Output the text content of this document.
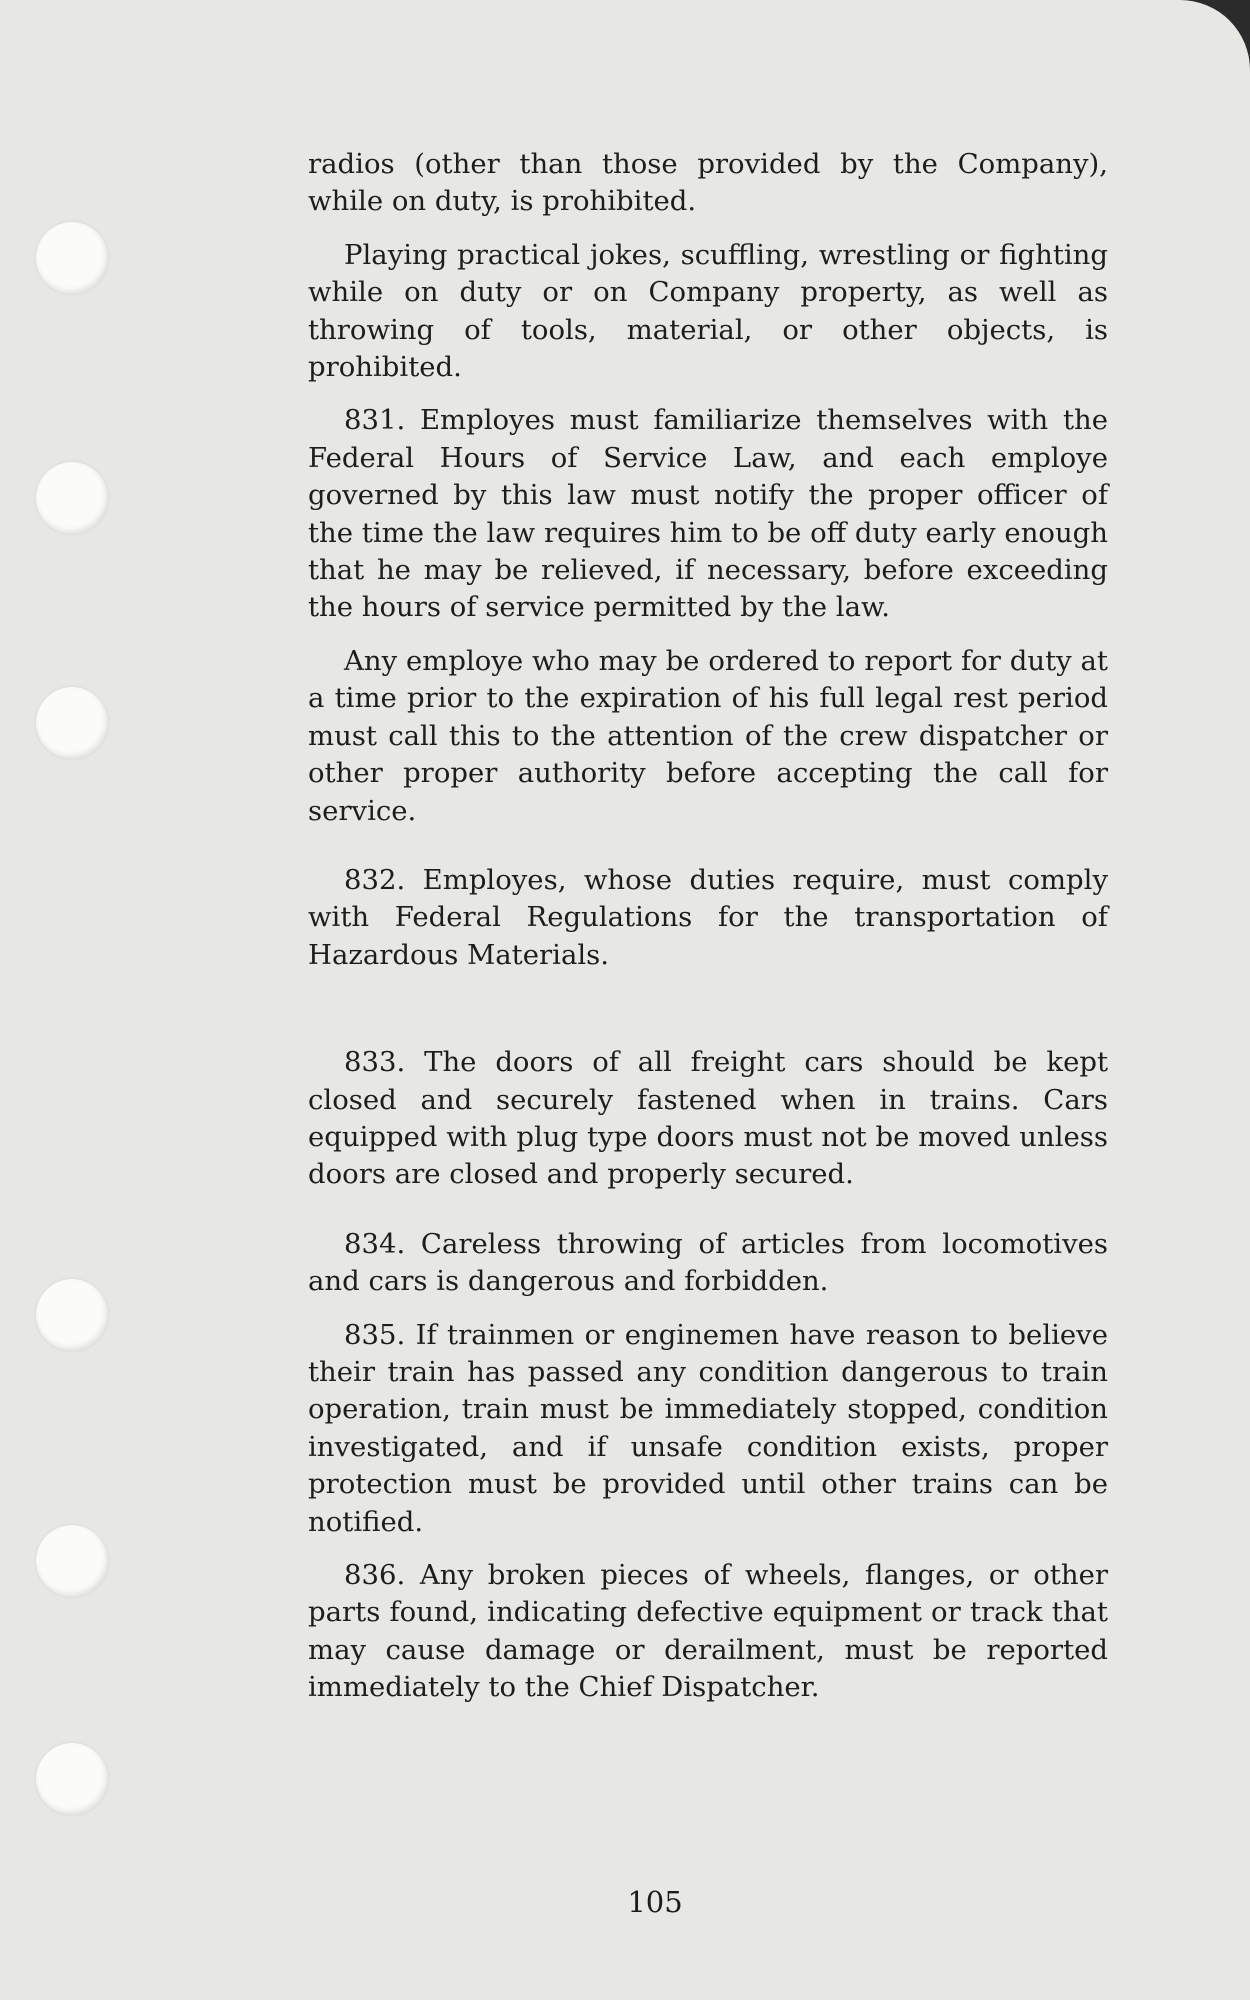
radios (other than those provided by the Company), while on duty, is prohibited.

Playing practical jokes, scuffling, wrestling or fighting while on duty or on Company property, as well as throwing of tools, material, or other objects, is prohibited.

831. Employes must familiarize themselves with the Federal Hours of Service Law, and each employe governed by this law must notify the proper officer of the time the law requires him to be off duty early enough that he may be relieved, if necessary, before exceeding the hours of service permitted by the law.

Any employe who may be ordered to report for duty at a time prior to the expiration of his full legal rest period must call this to the attention of the crew dispatcher or other proper authority before accepting the call for service.

832. Employes, whose duties require, must comply with Federal Regulations for the transportation of Hazardous Materials.

833. The doors of all freight cars should be kept closed and securely fastened when in trains. Cars equipped with plug type doors must not be moved unless doors are closed and properly secured.

834. Careless throwing of articles from locomotives and cars is dangerous and forbidden.

835. If trainmen or enginemen have reason to believe their train has passed any condition dangerous to train operation, train must be immediately stopped, condition investigated, and if unsafe condition exists, proper protection must be provided until other trains can be notified.

836. Any broken pieces of wheels, flanges, or other parts found, indicating defective equipment or track that may cause damage or derailment, must be reported immediately to the Chief Dispatcher.

105
